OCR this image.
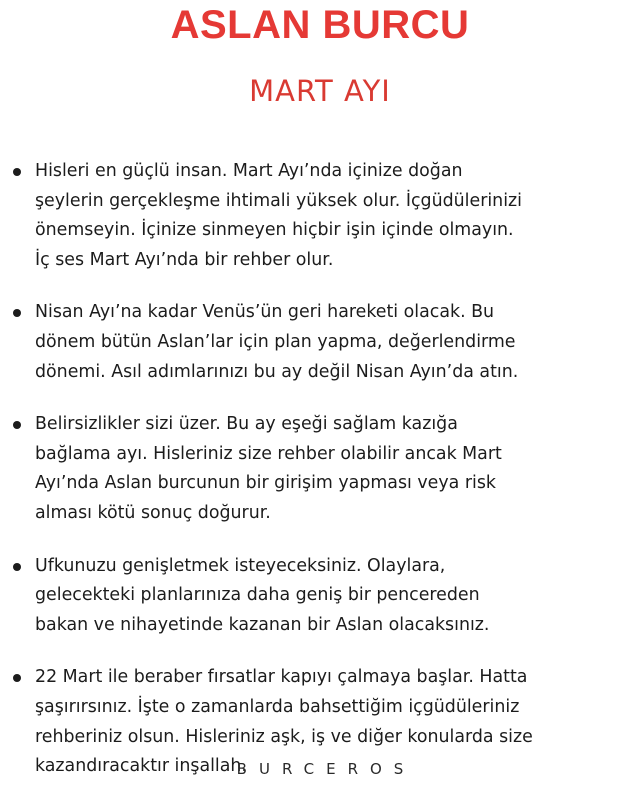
ASLAN BURCU
MART AYI
Hisleri en güçlü insan. Mart Ayı’nda içinize doğan
şeylerin gerçekleşme ihtimali yüksek olur. İçgüdülerinizi
önemseyin. İçinize sinmeyen hiçbir işin içinde olmayın.
İç ses Mart Ayı’nda bir rehber olur.
Nisan Ayı’na kadar Venüs’ün geri hareketi olacak. Bu
dönem bütün Aslan’lar için plan yapma, değerlendirme
dönemi. Asıl adımlarınızı bu ay değil Nisan Ayın’da atın.
Belirsizlikler sizi üzer. Bu ay eşeği sağlam kazığa
bağlama ayı. Hisleriniz size rehber olabilir ancak Mart
Ayı’nda Aslan burcunun bir girişim yapması veya risk
alması kötü sonuç doğurur.
Ufkunuzu genişletmek isteyeceksiniz. Olaylara,
gelecekteki planlarınıza daha geniş bir pencereden
bakan ve nihayetinde kazanan bir Aslan olacaksınız.
22 Mart ile beraber fırsatlar kapıyı çalmaya başlar. Hatta
şaşırırsınız. İşte o zamanlarda bahsettiğim içgüdüleriniz
rehberiniz olsun. Hisleriniz aşk, iş ve diğer konularda size
kazandıracaktır inşallah.
BURCEROS
